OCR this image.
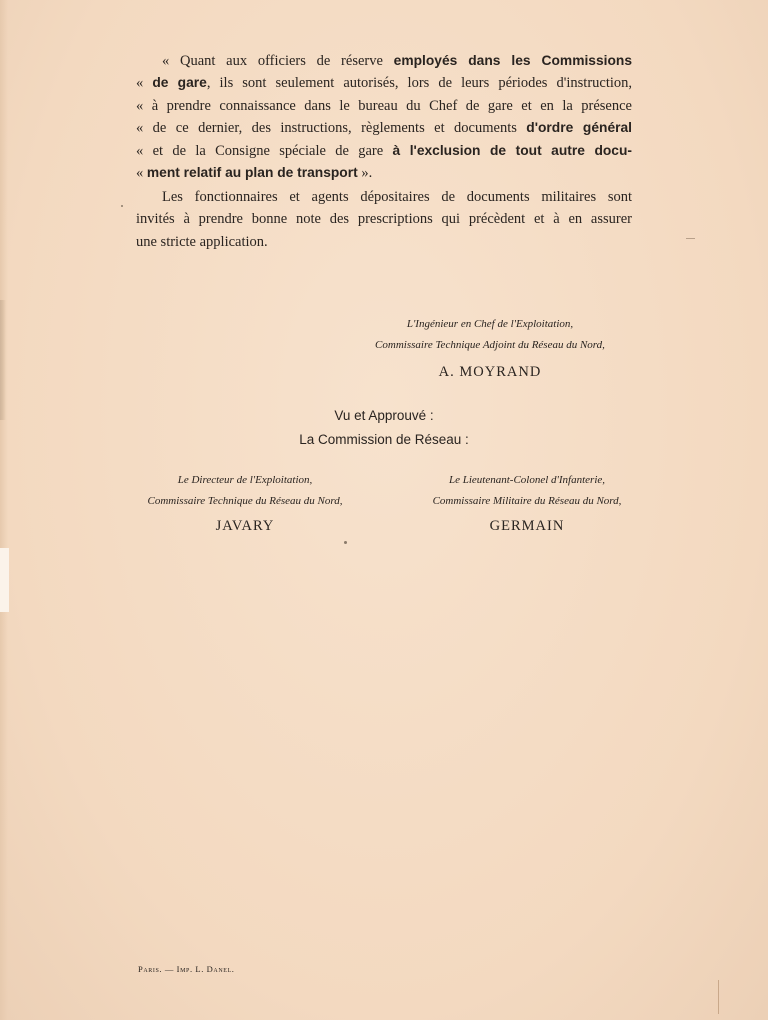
« Quant aux officiers de réserve employés dans les Commissions
« de gare, ils sont seulement autorisés, lors de leurs périodes d'instruction,
« à prendre connaissance dans le bureau du Chef de gare et en la présence
« de ce dernier, des instructions, règlements et documents d'ordre général
« et de la Consigne spéciale de gare à l'exclusion de tout autre docu-
« ment relatif au plan de transport ».
Les fonctionnaires et agents dépositaires de documents militaires sont
invités à prendre bonne note des prescriptions qui précèdent et à en assurer
une stricte application.
L'Ingénieur en Chef de l'Exploitation,
Commissaire Technique Adjoint du Réseau du Nord,
A. MOYRAND
Vu et Approuvé :
La Commission de Réseau :
Le Directeur de l'Exploitation,
Commissaire Technique du Réseau du Nord,
JAVARY
Le Lieutenant-Colonel d'Infanterie,
Commissaire Militaire du Réseau du Nord,
GERMAIN
Paris. — Imp. L. Danel.
